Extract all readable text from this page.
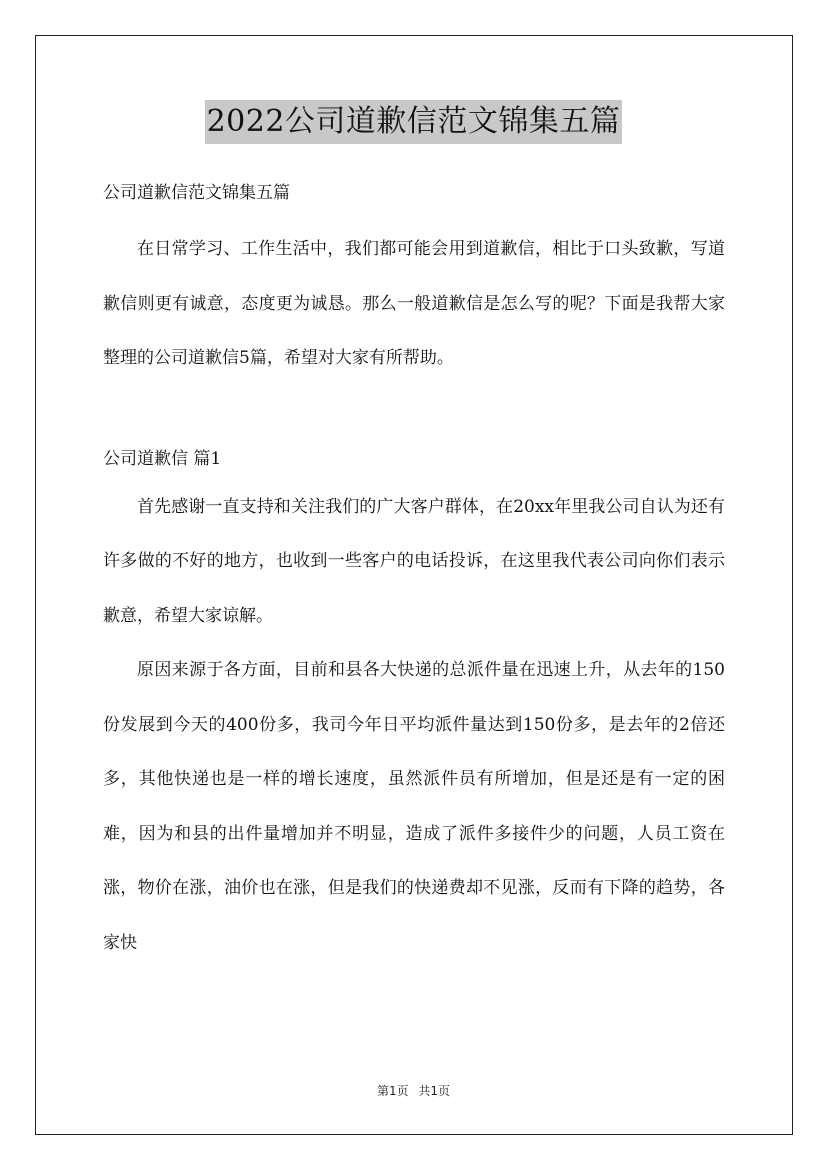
2022公司道歉信范文锦集五篇

公司道歉信范文锦集五篇

在日常学习、工作生活中，我们都可能会用到道歉信，相比于口头致歉，写道歉信则更有诚意，态度更为诚恳。那么一般道歉信是怎么写的呢？下面是我帮大家整理的公司道歉信5篇，希望对大家有所帮助。

公司道歉信 篇1

首先感谢一直支持和关注我们的广大客户群体，在20xx年里我公司自认为还有许多做的不好的地方，也收到一些客户的电话投诉，在这里我代表公司向你们表示歉意，希望大家谅解。

原因来源于各方面，目前和县各大快递的总派件量在迅速上升，从去年的150份发展到今天的400份多，我司今年日平均派件量达到150份多，是去年的2倍还多，其他快递也是一样的增长速度，虽然派件员有所增加，但是还是有一定的困难，因为和县的出件量增加并不明显，造成了派件多接件少的问题，人员工资在涨，物价在涨，油价也在涨，但是我们的快递费却不见涨，反而有下降的趋势，各家快

第1页 共1页
